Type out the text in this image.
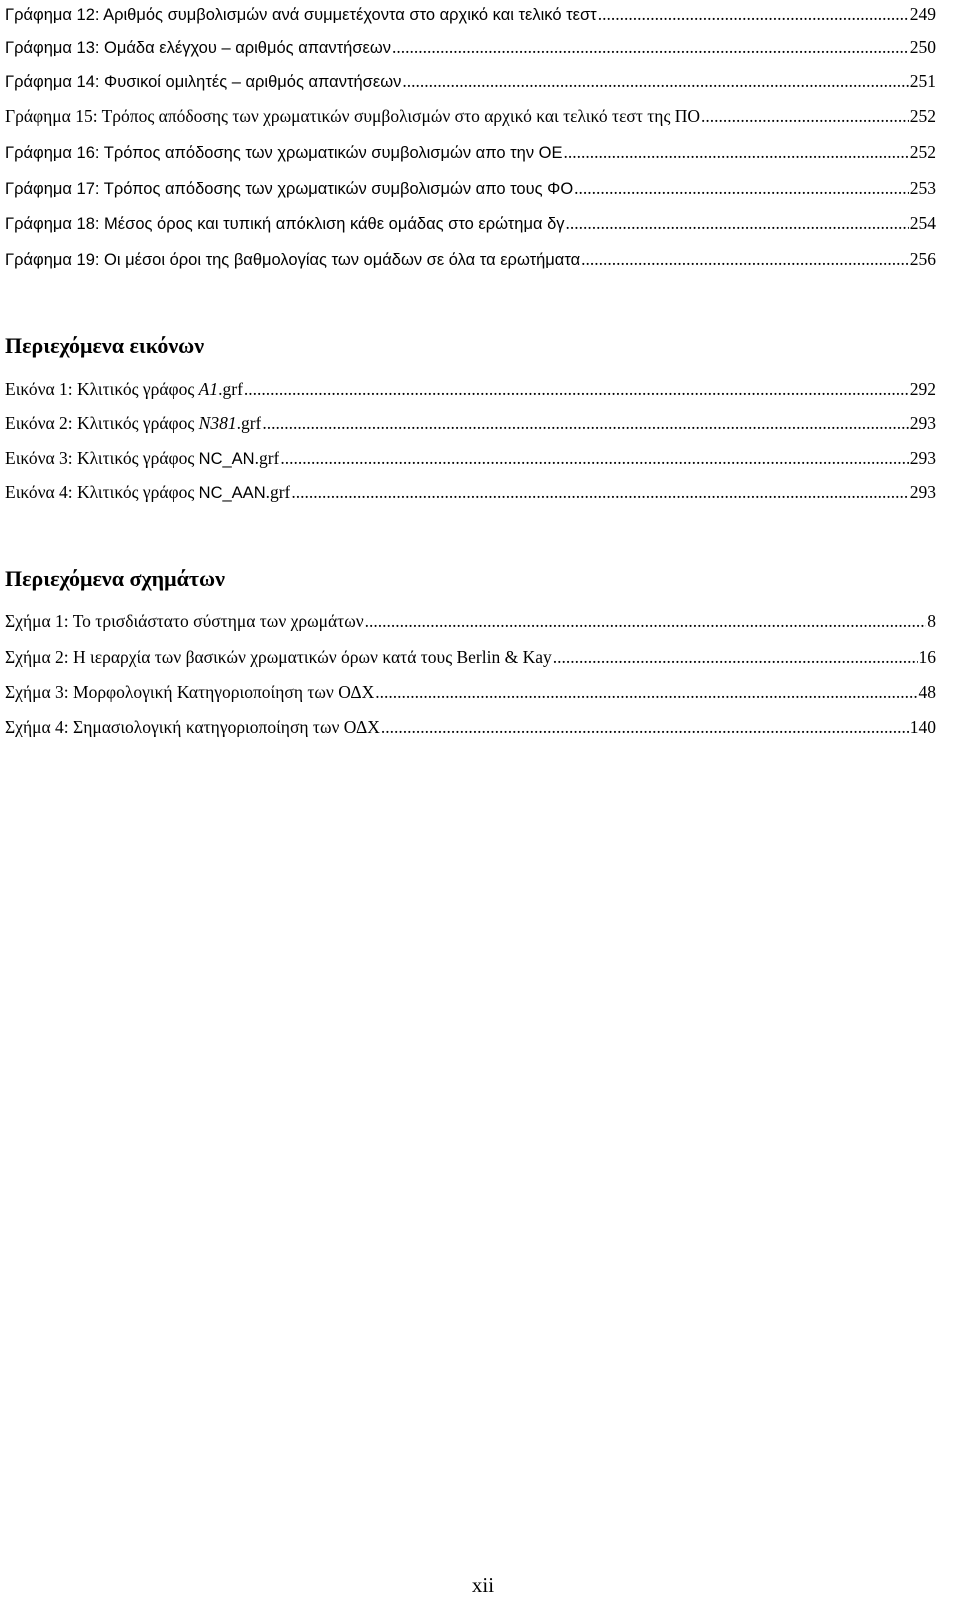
Γράφημα 12: Αριθμός συμβολισμών ανά συμμετέχοντα στο αρχικό και τελικό τεστ .....	249
Γράφημα 13: Ομάδα ελέγχου – αριθμός απαντήσεων .....	250
Γράφημα 14: Φυσικοί ομιλητές – αριθμός απαντήσεων .....	251
Γράφημα 15: Τρόπος απόδοσης των χρωματικών συμβολισμών στο αρχικό και τελικό τεστ της ΠΟ .....	252
Γράφημα 16: Τρόπος απόδοσης των χρωματικών συμβολισμών απο την ΟΕ .....	252
Γράφημα 17: Τρόπος απόδοσης των χρωματικών συμβολισμών απο τους ΦΟ .....	253
Γράφημα 18: Μέσος όρος και τυπική απόκλιση κάθε ομάδας στο ερώτημα δγ .....	254
Γράφημα 19: Οι μέσοι όροι της βαθμολογίας των ομάδων σε όλα τα ερωτήματα .....	256
Περιεχόμενα εικόνων
Εικόνα 1: Κλιτικός γράφος A1.grf .....	292
Εικόνα 2: Κλιτικός γράφος N381.grf .....	293
Εικόνα 3: Κλιτικός γράφος NC_AN.grf .....	293
Εικόνα 4: Κλιτικός γράφος NC_AAN.grf .....	293
Περιεχόμενα σχημάτων
Σχήμα 1: Το τρισδιάστατο σύστημα των χρωμάτων .....	8
Σχήμα 2: Η ιεραρχία των βασικών χρωματικών όρων κατά τους Berlin & Kay .....	16
Σχήμα 3: Μορφολογική Κατηγοριοποίηση των ΟΔΧ .....	48
Σχήμα 4: Σημασιολογική κατηγοριοποίηση των ΟΔΧ .....	140
xii
